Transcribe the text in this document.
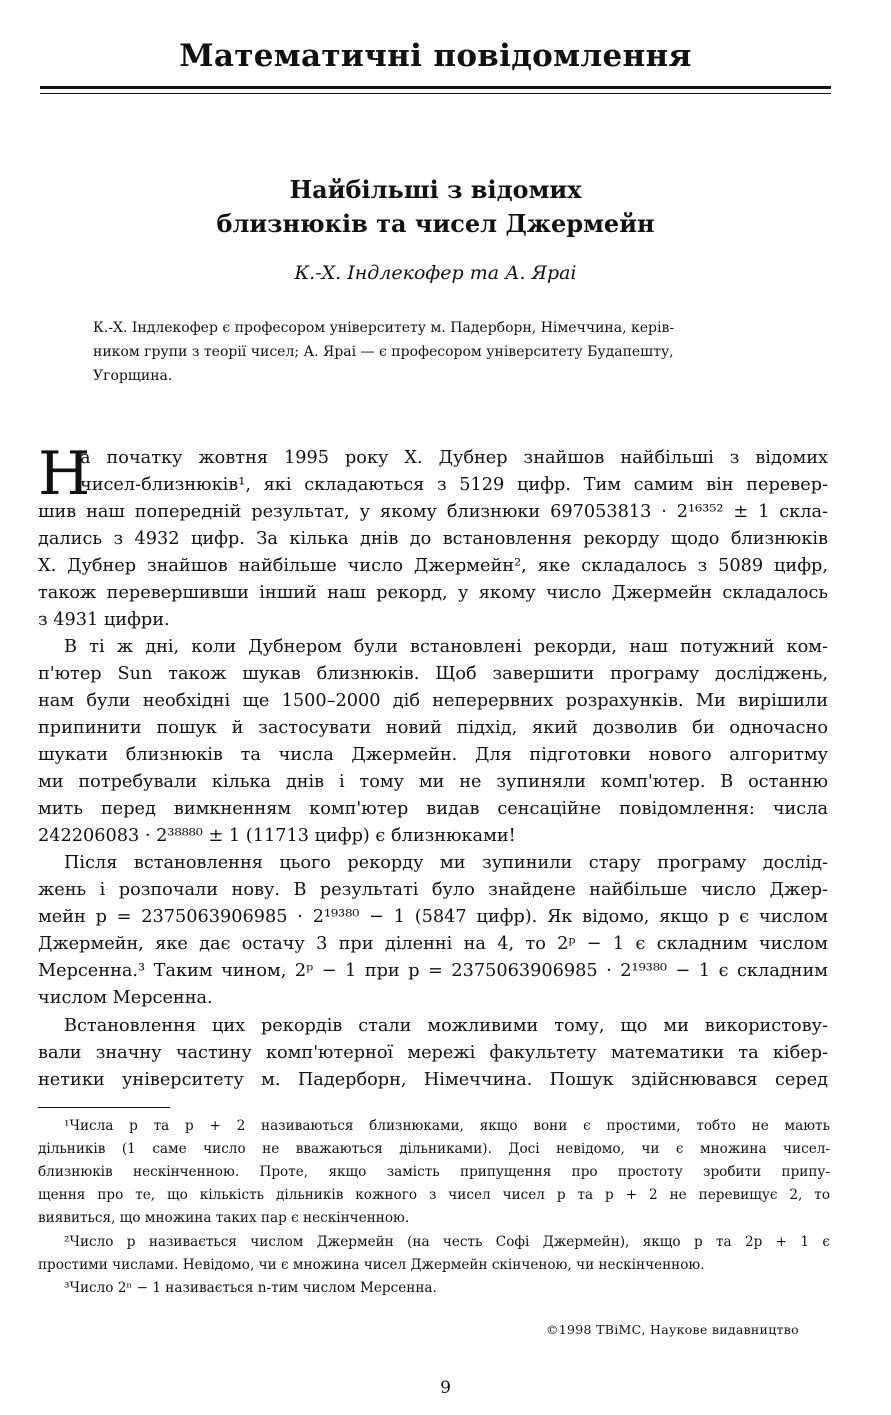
Математичні повідомлення
Найбільші з відомих
близнюків та чисел Джермейн
К.-Х. Індлекофер та А. Ярai
К.-Х. Індлекофер є професором університету м. Падерборн, Німеччина, керів-
ником групи з теорії чисел; А. Ярai — є професором університету Будапешту,
Угорщина.
Н
а початку жовтня 1995 року Х. Дубнер знайшов найбільші з відомих
чисел-близнюків¹, які складаються з 5129 цифр. Тим самим він перевер-
шив наш попередній результат, у якому близнюки 697053813 · 2¹⁶³⁵² ± 1 скла-
дались з 4932 цифр. За кілька днів до встановлення рекорду щодо близнюків
Х. Дубнер знайшов найбільше число Джермейн², яке складалось з 5089 цифр,
також перевершивши інший наш рекорд, у якому число Джермейн складалось
з 4931 цифри.
В ті ж дні, коли Дубнером були встановлені рекорди, наш потужний ком-
п'ютер Sun також шукав близнюків. Щоб завершити програму досліджень,
нам були необхідні ще 1500–2000 діб неперервних розрахунків. Ми вирішили
припинити пошук й застосувати новий підхід, який дозволив би одночасно
шукати близнюків та числа Джермейн. Для підготовки нового алгоритму
ми потребували кілька днів і тому ми не зупиняли комп'ютер. В останню
мить перед вимкненням комп'ютер видав сенсаційне повідомлення: числа
242206083 · 2³⁸⁸⁸⁰ ± 1 (11713 цифр) є близнюками!
Після встановлення цього рекорду ми зупинили стару програму дослід-
жень і розпочали нову. В результаті було знайдене найбільше число Джер-
мейн p = 2375063906985 · 2¹⁹³⁸⁰ − 1 (5847 цифр). Як відомо, якщо p є числом
Джермейн, яке дає остачу 3 при діленні на 4, то 2ᵖ − 1 є складним числом
Мерсенна.³ Таким чином, 2ᵖ − 1 при p = 2375063906985 · 2¹⁹³⁸⁰ − 1 є складним
числом Мерсенна.
Встановлення цих рекордів стали можливими тому, що ми використову-
вали значну частину комп'ютерної мережі факультету математики та кібер-
нетики університету м. Падерборн, Німеччина. Пошук здійснювався серед
¹Числа p та p + 2 називаються близнюками, якщо вони є простими, тобто не мають
дільників (1 саме число не вважаються дільниками). Досі невідомо, чи є множина чисел-
близнюків нескінченною. Проте, якщо замість припущення про простоту зробити припу-
щення про те, що кількість дільників кожного з чисел чисел p та p + 2 не перевищує 2, то
виявиться, що множина таких пар є нескінченною.
²Число p називається числом Джермейн (на честь Софі Джермейн), якщо p та 2p + 1 є
простими числами. Невідомо, чи є множина чисел Джермейн скінченою, чи нескінченною.
³Число 2ⁿ − 1 називається n-тим числом Мерсенна.
©1998 ТВіМС, Наукове видавництво
9
